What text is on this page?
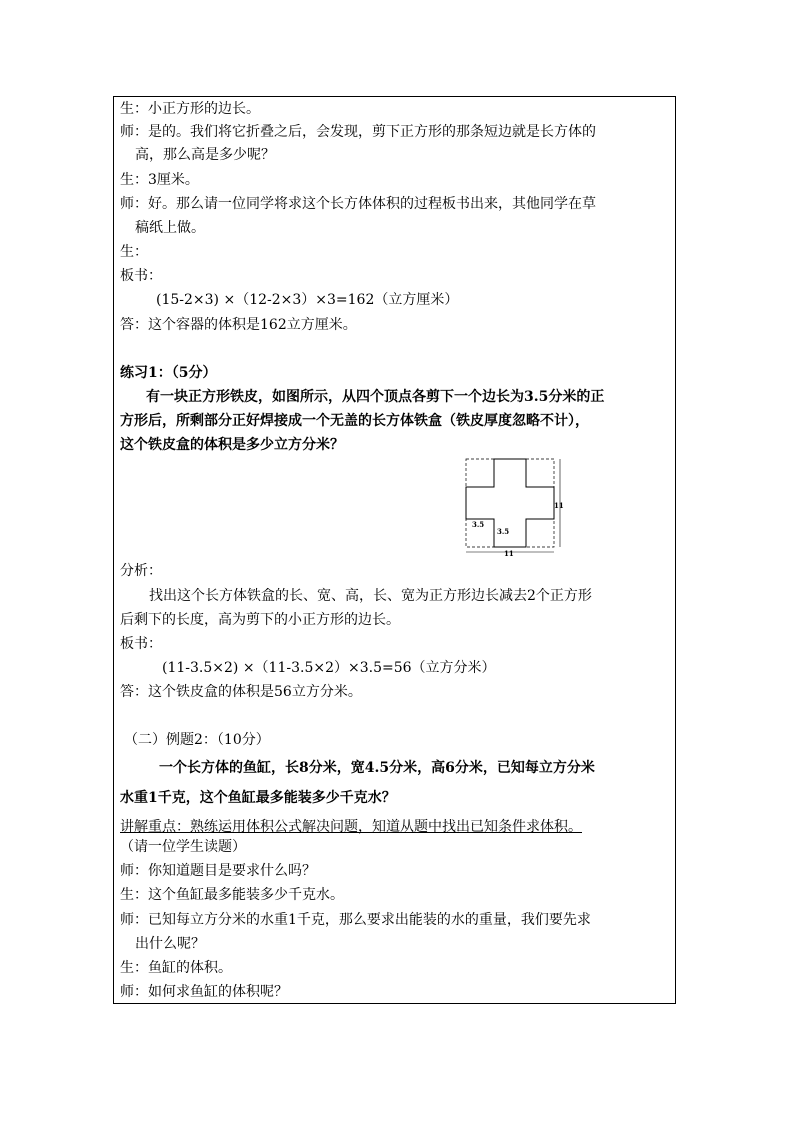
生：小正方形的边长。
师：是的。我们将它折叠之后，会发现，剪下正方形的那条短边就是长方体的
高，那么高是多少呢？
生：3厘米。
师：好。那么请一位同学将求这个长方体体积的过程板书出来，其他同学在草
稿纸上做。
生：
板书：
(15-2×3) ×（12-2×3）×3=162（立方厘米）
答：这个容器的体积是162立方厘米。
练习1：（5分）
有一块正方形铁皮，如图所示，从四个顶点各剪下一个边长为3.5分米的正
方形后，所剩部分正好焊接成一个无盖的长方体铁盒（铁皮厚度忽略不计），
这个铁皮盒的体积是多少立方分米？
11
11
3.5
3.5
分析：
找出这个长方体铁盒的长、宽、高，长、宽为正方形边长减去2个正方形
后剩下的长度，高为剪下的小正方形的边长。
板书：
(11-3.5×2) ×（11-3.5×2）×3.5=56（立方分米）
答：这个铁皮盒的体积是56立方分米。
（二）例题2：（10分）
一个长方体的鱼缸，长8分米，宽4.5分米，高6分米，已知每立方分米
水重1千克，这个鱼缸最多能装多少千克水？
讲解重点：熟练运用体积公式解决问题，知道从题中找出已知条件求体积。
（请一位学生读题）
师：你知道题目是要求什么吗？
生：这个鱼缸最多能装多少千克水。
师：已知每立方分米的水重1千克，那么要求出能装的水的重量，我们要先求
出什么呢？
生：鱼缸的体积。
师：如何求鱼缸的体积呢？
